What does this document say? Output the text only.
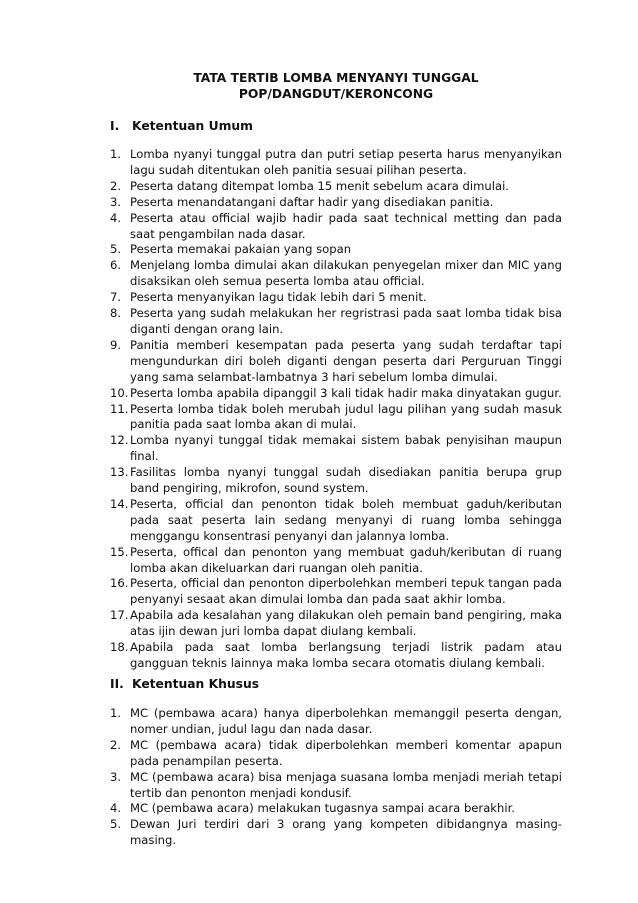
TATA TERTIB LOMBA MENYANYI TUNGGAL
POP/DANGDUT/KERONCONG
I. Ketentuan Umum
1. Lomba nyanyi tunggal putra dan putri setiap peserta harus menyanyikan lagu sudah ditentukan oleh panitia sesuai pilihan peserta.
2. Peserta datang ditempat lomba 15 menit sebelum acara dimulai.
3. Peserta menandatangani daftar hadir yang disediakan panitia.
4. Peserta atau official wajib hadir pada saat technical metting dan pada saat pengambilan nada dasar.
5. Peserta memakai pakaian yang sopan
6. Menjelang lomba dimulai akan dilakukan penyegelan mixer dan MIC yang disaksikan oleh semua peserta lomba atau official.
7. Peserta menyanyikan lagu tidak lebih dari 5 menit.
8. Peserta yang sudah melakukan her regristrasi pada saat lomba tidak bisa diganti dengan orang lain.
9. Panitia memberi kesempatan pada peserta yang sudah terdaftar tapi mengundurkan diri boleh diganti dengan peserta dari Perguruan Tinggi yang sama selambat-lambatnya 3 hari sebelum lomba dimulai.
10. Peserta lomba apabila dipanggil 3 kali tidak hadir maka dinyatakan gugur.
11. Peserta lomba tidak boleh merubah judul lagu pilihan yang sudah masuk panitia pada saat lomba akan di mulai.
12. Lomba nyanyi tunggal tidak memakai sistem babak penyisihan maupun final.
13. Fasilitas lomba nyanyi tunggal sudah disediakan panitia berupa grup band pengiring, mikrofon, sound system.
14. Peserta, official dan penonton tidak boleh membuat gaduh/keributan pada saat peserta lain sedang menyanyi di ruang lomba sehingga menggangu konsentrasi penyanyi dan jalannya lomba.
15. Peserta, offical dan penonton yang membuat gaduh/keributan di ruang lomba akan dikeluarkan dari ruangan oleh panitia.
16. Peserta, official dan penonton diperbolehkan memberi tepuk tangan pada penyanyi sesaat akan dimulai lomba dan pada saat akhir lomba.
17. Apabila ada kesalahan yang dilakukan oleh pemain band pengiring, maka atas ijin dewan juri lomba dapat diulang kembali.
18. Apabila pada saat lomba berlangsung terjadi listrik padam atau gangguan teknis lainnya maka lomba secara otomatis diulang kembali.
II. Ketentuan Khusus
1. MC (pembawa acara) hanya diperbolehkan memanggil peserta dengan, nomer undian, judul lagu dan nada dasar.
2. MC (pembawa acara) tidak diperbolehkan memberi komentar apapun pada penampilan peserta.
3. MC (pembawa acara) bisa menjaga suasana lomba menjadi meriah tetapi tertib dan penonton menjadi kondusif.
4. MC (pembawa acara) melakukan tugasnya sampai acara berakhir.
5. Dewan Juri terdiri dari 3 orang yang kompeten dibidangnya masing-masing.
